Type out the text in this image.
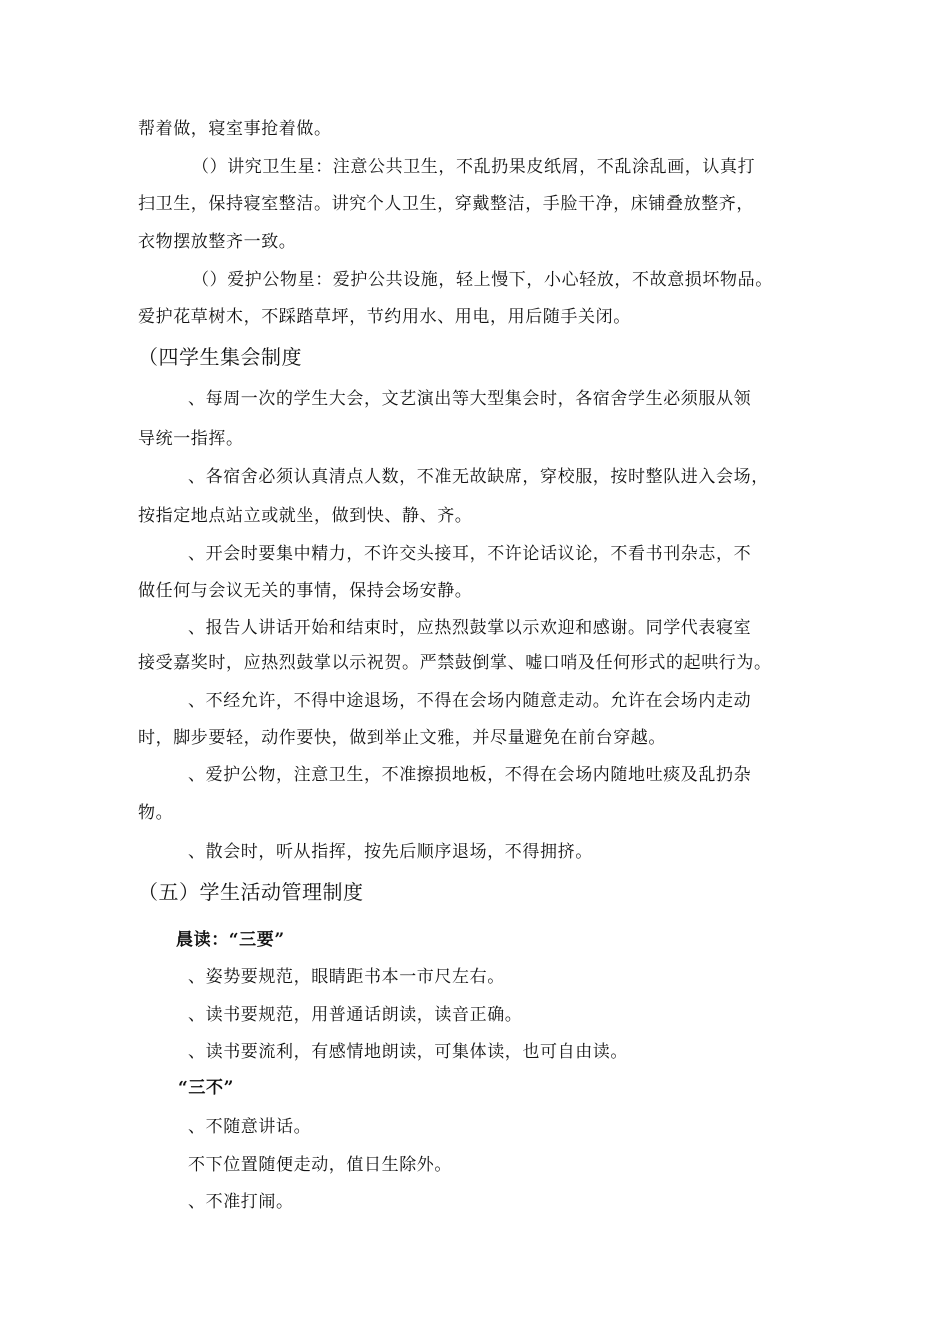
帮着做，寝室事抢着做。
（）讲究卫生星：注意公共卫生，不乱扔果皮纸屑，不乱涂乱画，认真打
扫卫生，保持寝室整洁。讲究个人卫生，穿戴整洁，手脸干净，床铺叠放整齐，
衣物摆放整齐一致。
（）爱护公物星：爱护公共设施，轻上慢下，小心轻放，不故意损坏物品。
爱护花草树木，不踩踏草坪，节约用水、用电，用后随手关闭。
（四学生集会制度
、每周一次的学生大会，文艺演出等大型集会时，各宿舍学生必须服从领
导统一指挥。
、各宿舍必须认真清点人数，不准无故缺席，穿校服，按时整队进入会场，
按指定地点站立或就坐，做到快、静、齐。
、开会时要集中精力，不许交头接耳，不许论话议论，不看书刊杂志，不
做任何与会议无关的事情，保持会场安静。
、报告人讲话开始和结束时，应热烈鼓掌以示欢迎和感谢。同学代表寝室
接受嘉奖时，应热烈鼓掌以示祝贺。严禁鼓倒掌、嘘口哨及任何形式的起哄行为。
、不经允许，不得中途退场，不得在会场内随意走动。允许在会场内走动
时，脚步要轻，动作要快，做到举止文雅，并尽量避免在前台穿越。
、爱护公物，注意卫生，不准擦损地板，不得在会场内随地吐痰及乱扔杂
物。
、散会时，听从指挥，按先后顺序退场，不得拥挤。
（五）学生活动管理制度
晨读：“三要”
、姿势要规范，眼睛距书本一市尺左右。
、读书要规范，用普通话朗读，读音正确。
、读书要流利，有感情地朗读，可集体读，也可自由读。
“三不”
、不随意讲话。
不下位置随便走动，值日生除外。
、不准打闹。
